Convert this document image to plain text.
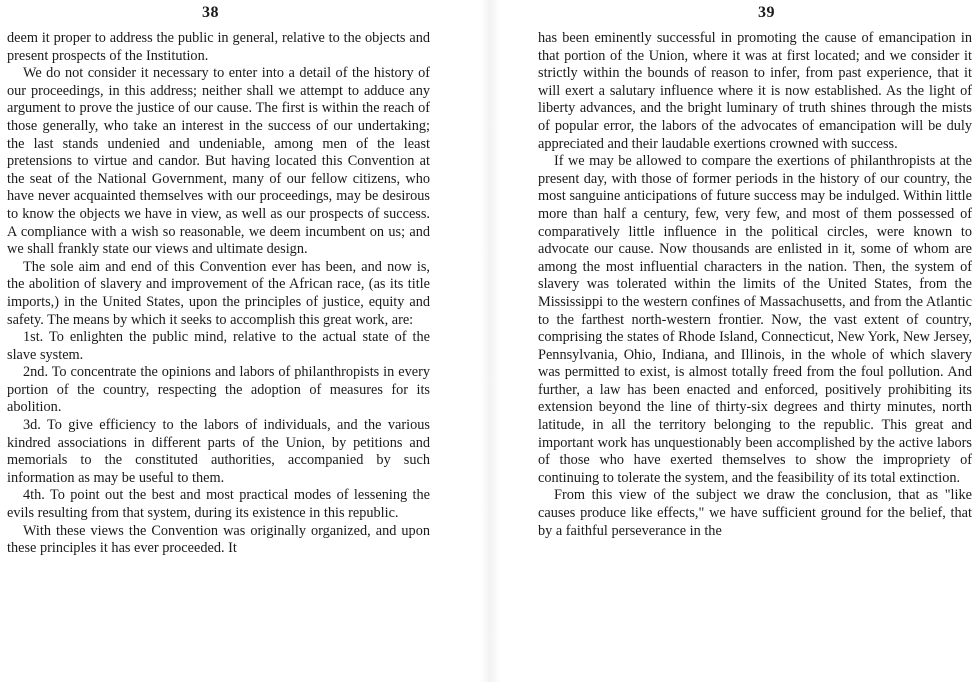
38

deem it proper to address the public in general, relative to the objects and present prospects of the Institution.

We do not consider it necessary to enter into a detail of the history of our proceedings, in this address; neither shall we attempt to adduce any argument to prove the justice of our cause. The first is within the reach of those generally, who take an interest in the success of our undertaking; the last stands undenied and undeniable, among men of the least pretensions to virtue and candor. But having located this Convention at the seat of the National Government, many of our fellow citizens, who have never acquainted themselves with our proceedings, may be desirous to know the objects we have in view, as well as our prospects of success. A compliance with a wish so reasonable, we deem incumbent on us; and we shall frankly state our views and ultimate design.

The sole aim and end of this Convention ever has been, and now is, the abolition of slavery and improvement of the African race, (as its title imports,) in the United States, upon the principles of justice, equity and safety. The means by which it seeks to accomplish this great work, are:

1st. To enlighten the public mind, relative to the actual state of the slave system.

2nd. To concentrate the opinions and labors of philanthropists in every portion of the country, respecting the adoption of measures for its abolition.

3d. To give efficiency to the labors of individuals, and the various kindred associations in different parts of the Union, by petitions and memorials to the constituted authorities, accompanied by such information as may be useful to them.

4th. To point out the best and most practical modes of lessening the evils resulting from that system, during its existence in this republic.

With these views the Convention was originally organized, and upon these principles it has ever proceeded. It

39

has been eminently successful in promoting the cause of emancipation in that portion of the Union, where it was at first located; and we consider it strictly within the bounds of reason to infer, from past experience, that it will exert a salutary influence where it is now established. As the light of liberty advances, and the bright luminary of truth shines through the mists of popular error, the labors of the advocates of emancipation will be duly appreciated and their laudable exertions crowned with success.

If we may be allowed to compare the exertions of philanthropists at the present day, with those of former periods in the history of our country, the most sanguine anticipations of future success may be indulged. Within little more than half a century, few, very few, and most of them possessed of comparatively little influence in the political circles, were known to advocate our cause. Now thousands are enlisted in it, some of whom are among the most influential characters in the nation. Then, the system of slavery was tolerated within the limits of the United States, from the Mississippi to the western confines of Massachusetts, and from the Atlantic to the farthest north-western frontier. Now, the vast extent of country, comprising the states of Rhode Island, Connecticut, New York, New Jersey, Pennsylvania, Ohio, Indiana, and Illinois, in the whole of which slavery was permitted to exist, is almost totally freed from the foul pollution. And further, a law has been enacted and enforced, positively prohibiting its extension beyond the line of thirty-six degrees and thirty minutes, north latitude, in all the territory belonging to the republic. This great and important work has unquestionably been accomplished by the active labors of those who have exerted themselves to show the impropriety of continuing to tolerate the system, and the feasibility of its total extinction.

From this view of the subject we draw the conclusion, that as "like causes produce like effects," we have sufficient ground for the belief, that by a faithful perseverance in the
